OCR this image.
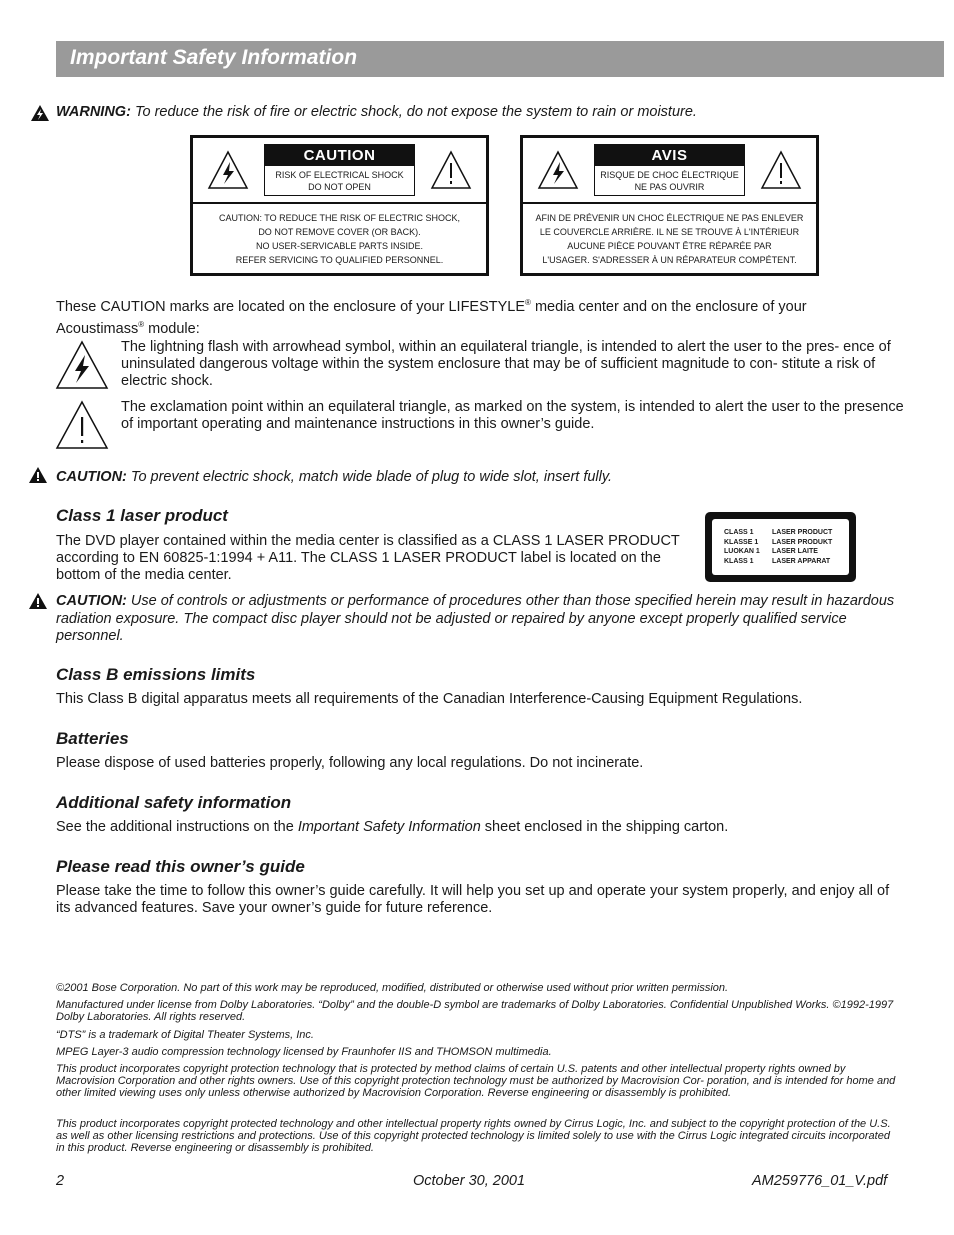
Important Safety Information
WARNING: To reduce the risk of fire or electric shock, do not expose the system to rain or moisture.
CAUTION
RISK OF ELECTRICAL SHOCK
DO NOT OPEN
CAUTION: TO REDUCE THE RISK OF ELECTRIC SHOCK,
DO NOT REMOVE COVER (OR BACK).
NO USER-SERVICABLE PARTS INSIDE.
REFER SERVICING TO QUALIFIED PERSONNEL.
AVIS
RISQUE DE CHOC ÉLECTRIQUE
NE PAS OUVRIR
AFIN DE PRÉVENIR UN CHOC ÉLECTRIQUE NE PAS ENLEVER
LE COUVERCLE ARRIÈRE. IL NE SE TROUVE À L'INTÉRIEUR
AUCUNE PIÈCE POUVANT ÊTRE RÉPARÉE PAR
L'USAGER. S'ADRESSER À UN RÉPARATEUR COMPÉTENT.
These CAUTION marks are located on the enclosure of your LIFESTYLE® media center and on the enclosure of your
Acoustimass® module:
The lightning flash with arrowhead symbol, within an equilateral triangle, is intended to alert the user to the pres- ence of uninsulated dangerous voltage within the system enclosure that may be of sufficient magnitude to con- stitute a risk of electric shock.
The exclamation point within an equilateral triangle, as marked on the system, is intended to alert the user to the presence of important operating and maintenance instructions in this owner’s guide.
CAUTION: To prevent electric shock, match wide blade of plug to wide slot, insert fully.
Class 1 laser product
The DVD player contained within the media center is classified as a CLASS 1 LASER PRODUCT according to EN 60825-1:1994 + A11. The CLASS 1 LASER PRODUCT label is located on the bottom of the media center.
CLASS 1
KLASSE 1
LUOKAN 1
KLASS 1
LASER PRODUCT
LASER PRODUKT
LASER LAITE
LASER APPARAT
CAUTION: Use of controls or adjustments or performance of procedures other than those specified herein may result in hazardous radiation exposure. The compact disc player should not be adjusted or repaired by anyone except properly qualified service personnel.
Class B emissions limits
This Class B digital apparatus meets all requirements of the Canadian Interference-Causing Equipment Regulations.
Batteries
Please dispose of used batteries properly, following any local regulations. Do not incinerate.
Additional safety information
See the additional instructions on the Important Safety Information sheet enclosed in the shipping carton.
Please read this owner’s guide
Please take the time to follow this owner’s guide carefully. It will help you set up and operate your system properly, and enjoy all of its advanced features. Save your owner’s guide for future reference.
©2001 Bose Corporation. No part of this work may be reproduced, modified, distributed or otherwise used without prior written permission.
Manufactured under license from Dolby Laboratories. “Dolby” and the double-D symbol are trademarks of Dolby Laboratories. Confidential Unpublished Works. ©1992-1997 Dolby Laboratories. All rights reserved.
“DTS” is a trademark of Digital Theater Systems, Inc.
MPEG Layer-3 audio compression technology licensed by Fraunhofer IIS and THOMSON multimedia.
This product incorporates copyright protection technology that is protected by method claims of certain U.S. patents and other intellectual property rights owned by Macrovision Corporation and other rights owners. Use of this copyright protection technology must be authorized by Macrovision Cor- poration, and is intended for home and other limited viewing uses only unless otherwise authorized by Macrovision Corporation. Reverse engineering or disassembly is prohibited.
This product incorporates copyright protected technology and other intellectual property rights owned by Cirrus Logic, Inc. and subject to the copyright protection of the U.S. as well as other licensing restrictions and protections. Use of this copyright protected technology is limited solely to use with the Cirrus Logic integrated circuits incorporated in this product. Reverse engineering or disassembly is prohibited.
2	October 30, 2001	AM259776_01_V.pdf
